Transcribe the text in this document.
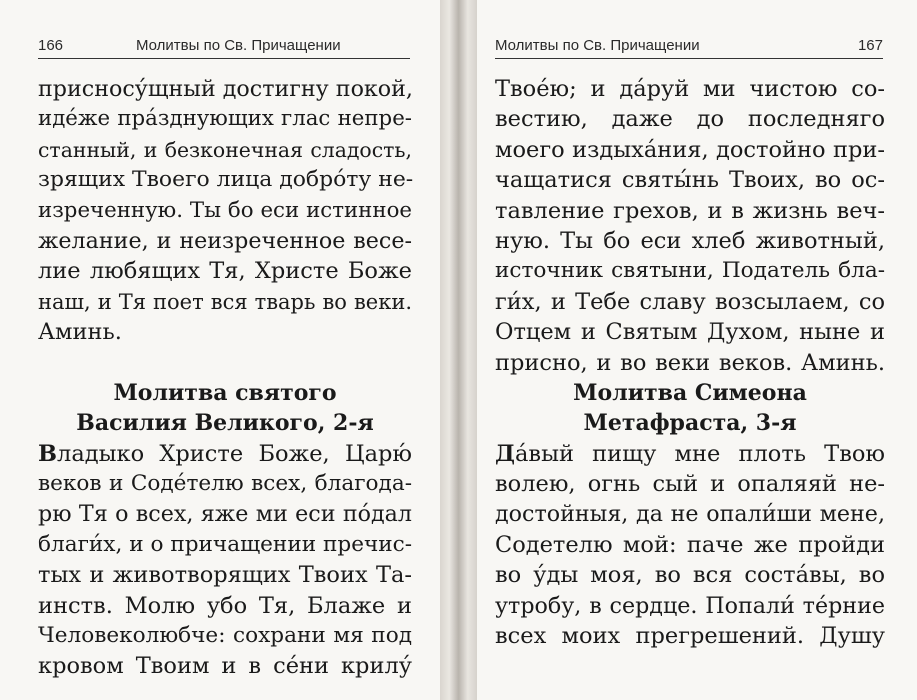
166	Молитвы по Св. Причащении
присносу́щный достигну покой,
иде́же пра́зднующих глас непре-
станный, и безконечная сладость,
зрящих Твоего лица добро́ту не-
изреченную. Ты бо еси истинное
желание, и неизреченное весе-
лие любящих Тя, Христе Боже
наш, и Тя поет вся тварь во веки.
Аминь.
Молитва святого
Василия Великого, 2-я
Владыко Христе Боже, Царю́
веков и Соде́телю всех, благода-
рю Тя о всех, яже ми еси по́дал
благи́х, и о причащении пречис-
тых и животворящих Твоих Та-
инств. Молю убо Тя, Блаже и
Человеколюбче: сохрани мя под
кровом Твоим и в се́ни крилу́
Молитвы по Св. Причащении	167
Твое́ю; и да́руй ми чистою со-
вестию, даже до последняго
моего издыха́ния, достойно при-
чащатися святы́нь Твоих, во ос-
тавление грехов, и в жизнь веч-
ную. Ты бо еси хлеб животный,
источник святыни, Податель бла-
ги́х, и Тебе славу возсылаем, со
Отцем и Святым Духом, ныне и
присно, и во веки веков. Аминь.
Молитва Симеона
Метафраста, 3-я
Да́вый пищу мне плоть Твою
волею, огнь сый и опаляяй не-
достойныя, да не опали́ши мене,
Содетелю мой: паче же пройди
во у́ды моя, во вся соста́вы, во
утробу, в сердце. Попали́ те́рние
всех моих прегрешений. Душу
